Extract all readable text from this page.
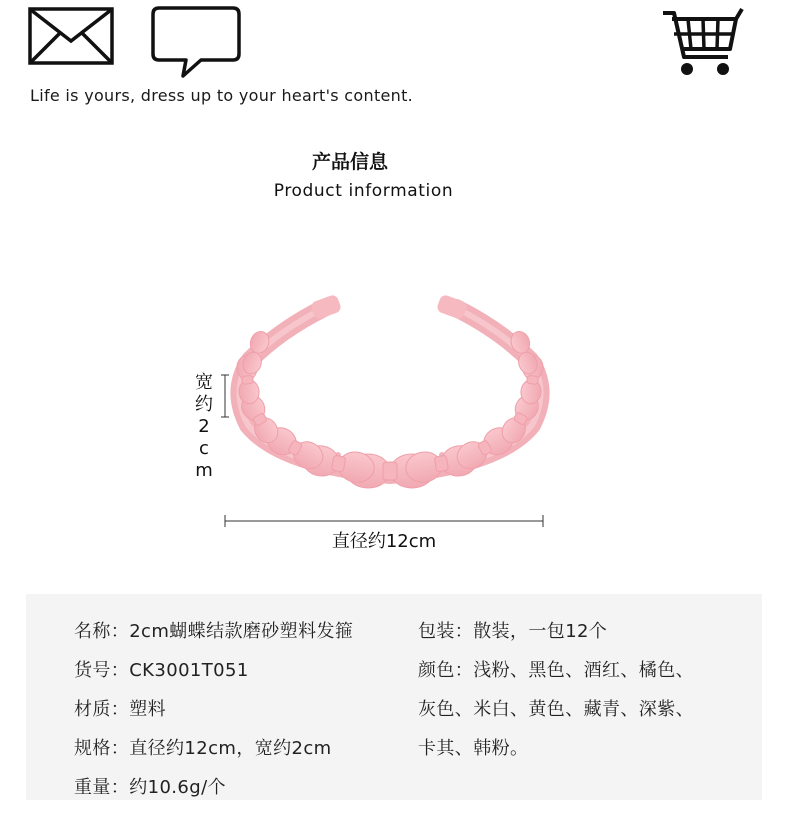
Life is yours, dress up to your heart's content.
产品信息
Product information
宽
约
2
c
m
直径约12cm
名称：2cm蝴蝶结款磨砂塑料发箍
货号：CK3001T051
材质：塑料
规格：直径约12cm，宽约2cm
重量：约10.6g/个
包装：散装，一包12个
颜色：浅粉、黑色、酒红、橘色、
灰色、米白、黄色、藏青、深紫、
卡其、韩粉。
